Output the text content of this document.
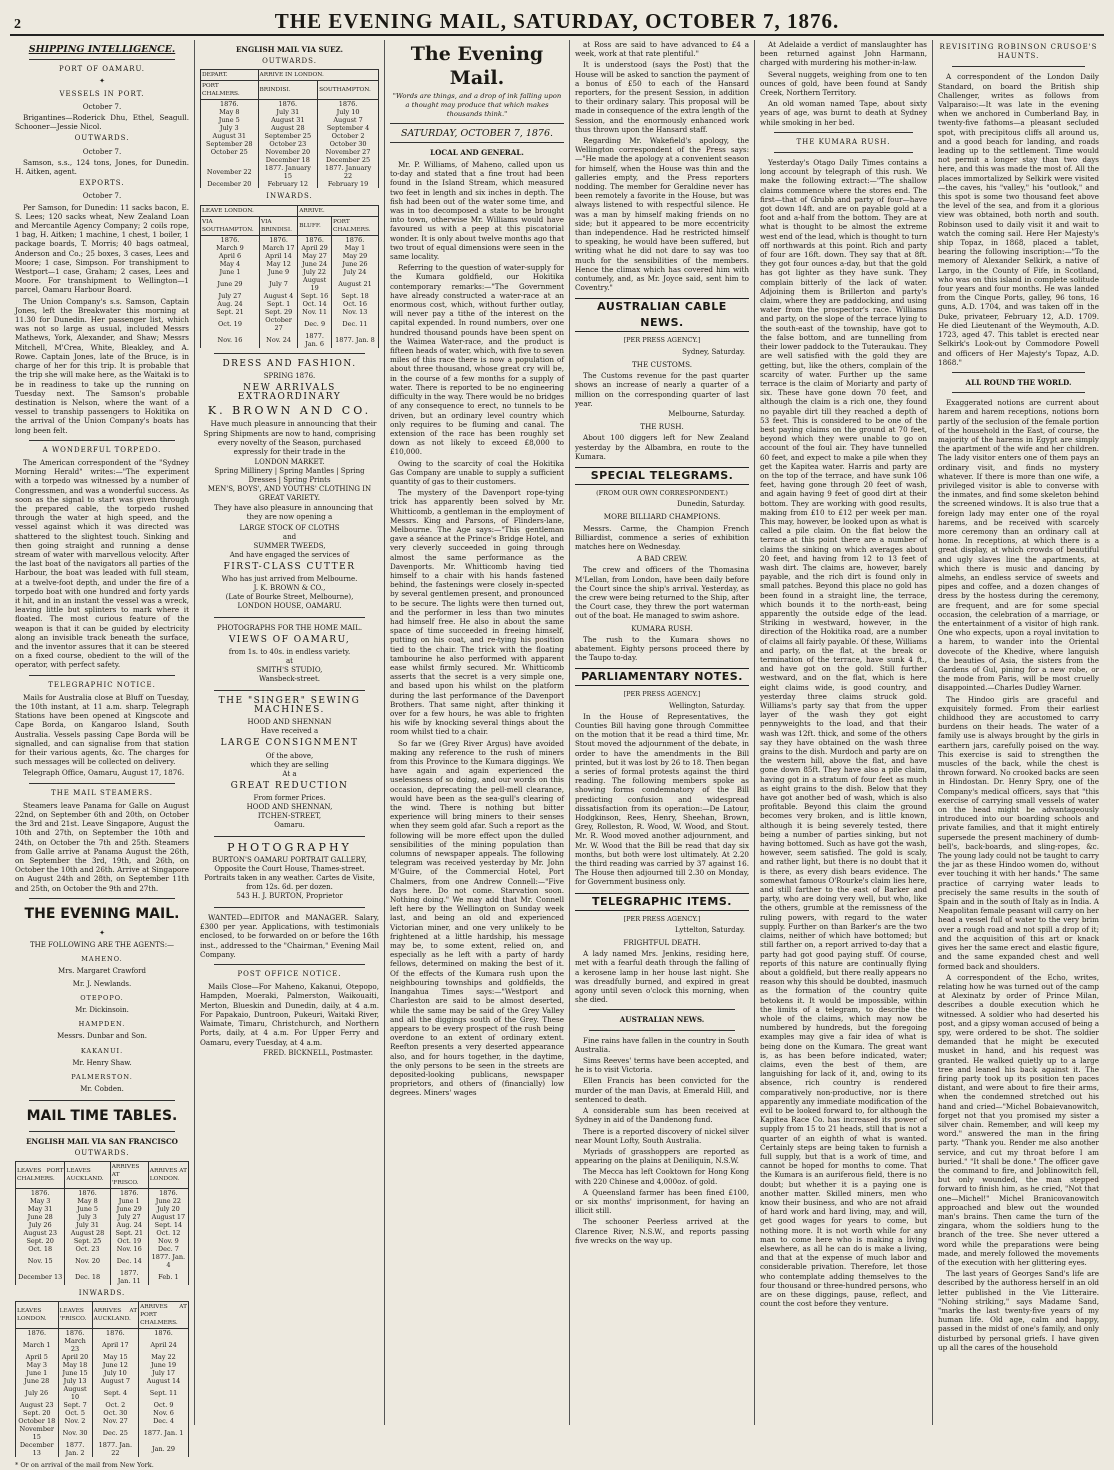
2	THE EVENING MAIL, SATURDAY, OCTOBER 7, 1876.
SHIPPING INTELLIGENCE.
PORT OF OAMARU.
✦
VESSELS IN PORT.
October 7.
Brigantines—Roderick Dhu, Ethel, Seagull. Schooner—Jessie Nicol.
OUTWARDS.
October 7.
Samson, s.s., 124 tons, Jones, for Dunedin. H. Aitken, agent.
EXPORTS.
October 7.
Per Samson, for Dunedin: 11 sacks bacon, E. S. Lees; 120 sacks wheat, New Zealand Loan and Mercantile Agency Company; 2 coils rope, 1 bag, H. Aitken; 1 machine, 1 chest, 1 boiler, 1 package boards, T. Morris; 40 bags oatmeal, Anderson and Co.; 25 boxes, 3 cases, Lees and Moore; 1 case, Simpson. For transhipment to Westport—1 case, Graham; 2 cases, Lees and Moore. For transhipment to Wellington—1 parcel, Oamaru Harbour Board.
The Union Company's s.s. Samson, Captain Jones, left the Breakwater this morning at 11.30 for Dunedin. Her passenger list, which was not so large as usual, included Messrs Mathews, York, Alexander, and Shaw; Messrs Mitchell, M'Crea, White, Bleakley, and A. Rowe. Captain Jones, late of the Bruce, is in charge of her for this trip. It is probable that the trip she will make here, as the Waitaki is to be in readiness to take up the running on Tuesday next. The Samson's probable destination is Nelson, where the want of a vessel to tranship passengers to Hokitika on the arrival of the Union Company's boats has long been felt.
A WONDERFUL TORPEDO.
The American correspondent of the "Sydney Morning Herald" writes:—"The experiment with a torpedo was witnessed by a number of Congressmen, and was a wonderful success. As soon as the signal to start was given through the prepared cable, the torpedo rushed through the water at high speed, and the vessel against which it was directed was shattered to the slightest touch. Sinking and then going straight and running a dense stream of water with marvellous velocity. After the last boat of the navigators all parties of the Harbour, the boat was leaded with full steam, at a twelve-foot depth, and under the fire of a torpedo boat with one hundred and forty yards it hit, and in an instant the vessel was a wreck, leaving little but splinters to mark where it floated. The most curious feature of the weapon is that it can be guided by electricity along an invisible track beneath the surface, and the inventor assures that it can be steered on a fixed course, obedient to the will of the operator, with perfect safety.
TELEGRAPHIC NOTICE.
Mails for Australia close at Bluff on Tuesday, the 10th instant, at 11 a.m. sharp. Telegraph Stations have been opened at Kingscote and Cape Borda, on Kangaroo Island, South Australia. Vessels passing Cape Borda will be signalled, and can signalise from that station for their various agents, &c. The charges for such messages will be collected on delivery.
Telegraph Office, Oamaru, August 17, 1876.
THE MAIL STEAMERS.
Steamers leave Panama for Galle on August 22nd, on September 6th and 20th, on October the 3rd and 21st. Leave Singapore, August the 10th and 27th, on September the 10th and 24th, on October the 7th and 25th. Steamers from Galle arrive at Panama August the 26th, on September the 3rd, 19th, and 26th, on October the 10th and 26th. Arrive at Singapore on August 24th and 28th, on September 11th and 25th, on October the 9th and 27th.
THE EVENING MAIL.
✦
THE FOLLOWING ARE THE AGENTS:—
MAHENO.
Mrs. Margaret Crawford
Mr. J. Newlands.
OTEPOPO.
Mr. Dickinsoin.
HAMPDEN.
Messrs. Dunbar and Son.
KAKANUI.
Mr. Henry Shaw.
PALMERSTON.
Mr. Cobden.
MAIL TIME TABLES.
ENGLISH MAIL VIA SAN FRANCISCO
OUTWARDS.
LEAVES PORT CHALMERS.	LEAVES AUCKLAND.	ARRIVES AT 'FRISCO.	ARRIVES AT LONDON.
1876.	1876.	1876.	1876.
May 3	May 8	June 1	June 22
May 31	June 5	June 29	July 20
June 28	July 3	July 27	August 17
July 26	July 31	Aug. 24	Sept. 14
August 23	August 28	Sept. 21	Oct. 12
Sept. 20	Sept. 25	Oct. 19	Nov. 9
Oct. 18	Oct. 23	Nov. 16	Dec. 7
Nov. 15	Nov. 20	Dec. 14	1877. Jan. 4
December 13	Dec. 18	1877. Jan. 11	Feb. 1
INWARDS.
LEAVES LONDON.	LEAVES 'FRISCO.	ARRIVES AT AUCKLAND.	ARRIVES AT PORT CHALMERS.
1876.	1876.	1876.	1876.
March 1	March 23	April 17	April 24
April 5	April 20	May 15	May 22
May 3	May 18	June 12	June 19
June 1	June 15	July 10	July 17
June 28	July 13	August 7	August 14
July 26	August 10	Sept. 4	Sept. 11
August 23	Sept. 7	Oct. 2	Oct. 9
Sept. 20	Oct. 5	Oct. 30	Nov. 6
October 18	Nov. 2	Nov. 27	Dec. 4
November 15	Nov. 30	Dec. 25	1877. Jan. 1
December 13	1877. Jan. 2	1877. Jan. 22	Jan. 29
* Or on arrival of the mail from New York.
ENGLISH MAIL VIA SUEZ.
OUTWARDS.
DEPART.	ARRIVE IN LONDON.	
PORT CHALMERS.	BRINDISI.	SOUTHAMPTON.
1876.	1876.	1876.
May 8	July 31	July 10
June 5	August 31	August 7
July 3	August 28	September 4
August 31	September 25	October 2
September 28	October 23	October 30
October 25	November 20	November 27
	December 18	December 25
November 22	1877. January 15	1877. January 22
December 20	February 12	February 19
INWARDS.
LEAVE LONDON.		ARRIVE.	
VIA SOUTHAMPTON.	VIA BRINDISI.	BLUFF.	PORT CHALMERS.
1876.	1876.	1876.	1876.
March 9	March 17	April 29	May 1
April 6	April 14	May 27	May 29
May 4	May 12	June 24	June 26
June 1	June 9	July 22	July 24
June 29	July 7	August 19	August 21
July 27	August 4	Sept. 16	Sept. 18
Aug. 24	Sept. 1	Oct. 14	Oct. 16
Sept. 21	Sept. 29	Nov. 11	Nov. 13
Oct. 19	October 27	Dec. 9	Dec. 11
Nov. 16	Nov. 24	1877. Jan. 6	1877. Jan. 8
DRESS AND FASHION.
SPRING 1876.
NEW ARRIVALS EXTRAORDINARY
K. BROWN AND CO.
Have much pleasure in announcing that their Spring Shipments are now to hand, comprising every novelty of the Season, purchased expressly for their trade in the
LONDON MARKET.
Spring Millinery | Spring Mantles | Spring Dresses | Spring Prints
MEN'S, BOYS', AND YOUTHS' CLOTHING IN GREAT VARIETY.
They have also pleasure in announcing that they are now opening a
LARGE STOCK OF CLOTHS
and
SUMMER TWEEDS,
And have engaged the services of
FIRST-CLASS CUTTER
Who has just arrived from Melbourne.
J. K. BROWN & CO.,
(Late of Bourke Street, Melbourne),
LONDON HOUSE, OAMARU.
PHOTOGRAPHS FOR THE HOME MAIL.
VIEWS OF OAMARU,
from 1s. to 40s. in endless variety.
at
SMITH'S STUDIO,
Wansbeck-street.
THE "SINGER" SEWING MACHINES.
HOOD AND SHENNAN
Have received a
LARGE CONSIGNMENT
Of the above,
which they are selling
At a
GREAT REDUCTION
From former Prices.
HOOD AND SHENNAN,
ITCHEN-STREET,
Oamaru.
PHOTOGRAPHY
BURTON'S OAMARU PORTRAIT GALLERY,
Opposite the Court House, Thames-street. Portraits taken in any weather. Cartes de Visite, from 12s. 6d. per dozen.
543 H. J. BURTON, Proprietor
WANTED—EDITOR and MANAGER. Salary, £300 per year. Applications, with testimonials enclosed, to be forwarded on or before the 16th inst., addressed to the "Chairman," Evening Mail Company.
POST OFFICE NOTICE.
Mails Close—For Maheno, Kakanui, Otepopo, Hampden, Moeraki, Palmerston, Waikouaiti, Merton, Blueskin and Dunedin, daily, at 4 a.m. For Papakaio, Duntroon, Pukeuri, Waitaki River, Waimate, Timaru, Christchurch, and Northern Ports, daily, at 4 a.m. For Upper Ferry and Oamaru, every Tuesday, at 4 a.m.
FRED. BICKNELL, Postmaster.
The Evening Mail.
"Words are things, and a drop of ink falling upon a thought may produce that which makes thousands think."
SATURDAY, OCTOBER 7, 1876.
LOCAL AND GENERAL.
Mr. P. Williams, of Maheno, called upon us to-day and stated that a fine trout had been found in the Island Stream, which measured two feet in length and six inches in depth. The fish had been out of the water some time, and was in too decomposed a state to be brought into town, otherwise Mr. Williams would have favoured us with a peep at this piscatorial wonder. It is only about twelve months ago that two trout of equal dimensions were seen in the same locality.
Referring to the question of water-supply for the Kumara goldfield, our Hokitika contemporary remarks:—"The Government have already constructed a water-race at an enormous cost, which, without further outlay, will never pay a tithe of the interest on the capital expended. In round numbers, over one hundred thousand pounds have been spent on the Waimea Water-race, and the product is fifteen heads of water, which, with five to seven miles of this race there is now a population of about three thousand, whose great cry will be, in the course of a few months for a supply of water. There is reported to be no engineering difficulty in the way. There would be no bridges of any consequence to erect, no tunnels to be driven, but an ordinary level country which only requires to be fluming and canal. The extension of the race has been roughly set down as not likely to exceed £8,000 to £10,000.
Owing to the scarcity of coal the Hokitika Gas Company are unable to supply a sufficient quantity of gas to their customers.
The mystery of the Davenport rope-tying trick has apparently been solved by Mr. Whitticomb, a gentleman in the employment of Messrs. King and Parsons, of Flinders-lane, Melbourne. The Age says:—"This gentleman gave a séance at the Prince's Bridge Hotel, and very cleverly succeeded in going through almost the same performance as the Davenports. Mr. Whitticomb having tied himself to a chair with his hands fastened behind, the fastenings were closely in-spected by several gentlemen present, and pronounced to be secure. The lights were then turned out, and the performer in less than two minutes had himself free. He also in about the same space of time succeeded in freeing himself, putting on his coat, and re-tying his position tied to the chair. The trick with the floating tambourine he also performed with apparent ease whilst firmly secured. Mr. Whitticomb asserts that the secret is a very simple one, and based upon his whilst on the platform during the last performance of the Davenport Brothers. That same night, after thinking it over for a few hours, he was able to frighten his wife by knocking several things about the room whilst tied to a chair.
So far we (Grey River Argus) have avoided making any reference to the rush of miners from this Province to the Kumara diggings. We have again and again experienced the uselessness of so doing, and our words on this occasion, deprecating the pell-mell clearance, would have been as the sea-gull's clearing of the wind. There is nothing but bitter experience will bring miners to their senses when they seem gold afar. Such a report as the following will be more effect upon the dulled sensibilities of the mining population than columns of newspaper appeals. The following telegram was received yesterday by Mr. John M'Guire, of the Commercial Hotel, Port Chalmers, from one Andrew Connell:—"Five days here. Do not come. Starvation soon. Nothing doing." We may add that Mr. Connell left here by the Wellington on Sunday week last, and being an old and experienced Victorian miner, and one very unlikely to be frightened at a little hardship, his message may be, to some extent, relied on, and especially as he left with a party of hardy fellows, determined on making the best of it. Of the effects of the Kumara rush upon the neighbouring townships and goldfields, the Inangahua Times says:—"Westport and Charleston are said to be almost deserted, while the same may be said of the Grey Valley and all the diggings south of the Grey. These appears to be every prospect of the rush being overdone to an extent of ordinary extent. Reefton presents a very deserted appearance also, and for hours together, in the daytime, the only persons to be seen in the streets are deposited-looking publicans, newspaper proprietors, and others of (financially) low degrees. Miners' wages
at Ross are said to have advanced to £4 a week, work at that rate plentiful."
It is understood (says the Post) that the House will be asked to sanction the payment of a bonus of £50 to each of the Hansard reporters, for the present Session, in addition to their ordinary salary. This proposal will be made in consequence of the extra length of the Session, and the enormously enhanced work thus thrown upon the Hansard staff.
Regarding Mr. Wakefield's apology, the Wellington correspondent of the Press says:—"He made the apology at a convenient season for himself, when the House was thin and the galleries empty, and the Press reporters nodding. The member for Geraldine never has been remotely a favorite in the House, but was always listened to with respectful silence. He was a man by himself making friends on no side; but it appeared to be more eccentricity than independence. Had he restricted himself to speaking, he would have been suffered, but writing what he did not dare to say was too much for the sensibilities of the members. Hence the climax which has covered him with contumely, and, as Mr. Joyce said, sent him to Coventry."
AUSTRALIAN CABLE NEWS.
[PER PRESS AGENCY.]
Sydney, Saturday.
THE CUSTOMS.
The Customs revenue for the past quarter shows an increase of nearly a quarter of a million on the corresponding quarter of last year.
Melbourne, Saturday.
THE RUSH.
About 100 diggers left for New Zealand yesterday by the Albambra, en route to the Kumara.
SPECIAL TELEGRAMS.
(FROM OUR OWN CORRESPONDENT.)
Dunedin, Saturday.
MORE BILLIARD CHAMPIONS.
Messrs. Carme, the Champion French Billiardist, commence a series of exhibition matches here on Wednesday.
A BAD CREW.
The crew and officers of the Thomasina M'Lellan, from London, have been daily before the Court since the ship's arrival. Yesterday, as the crew were being returned to the Ship, after the Court case, they threw the port waterman out of the boat. He managed to swim ashore.
KUMARA RUSH.
The rush to the Kumara shows no abatement. Eighty persons proceed there by the Taupo to-day.
PARLIAMENTARY NOTES.
[PER PRESS AGENCY.]
Wellington, Saturday.
In the House of Representatives, the Counties Bill having gone through Committee on the motion that it be read a third time, Mr. Stout moved the adjournment of the debate, in order to have the amendments in the Bill printed, but it was lost by 26 to 18. Then began a series of formal protests against the third reading. The following members spoke as showing forms condemnatory of the Bill predicting confusion and widespread dissatisfaction from its operation:—De Latour, Hodgkinson, Rees, Henry, Sheehan, Brown, Grey, Rolleston, R. Wood, W. Wood, and Stout. Mr. R. Wood moved another adjournment, and Mr. W. Wood that the Bill be read that day six months, but both were lost ultimately. At 2.20 the third reading was carried by 37 against 16. The House then adjourned till 2.30 on Monday, for Government business only.
TELEGRAPHIC ITEMS.
[PER PRESS AGENCY.]
Lyttelton, Saturday.
FRIGHTFUL DEATH.
A lady named Mrs. Jenkins, residing here, met with a fearful death through the falling of a kerosene lamp in her house last night. She was dreadfully burned, and expired in great agony until seven o'clock this morning, when she died.
AUSTRALIAN NEWS.
Fine rains have fallen in the country in South Australia.
Sims Reeves' terms have been accepted, and he is to visit Victoria.
Ellen Francis has been convicted for the murder of the man Davis, at Emerald Hill, and sentenced to death.
A considerable sum has been received at Sydney in aid of the Dandenong fund.
There is a reported discovery of nickel silver near Mount Lofty, South Australia.
Myriads of grasshoppers are reported as appearing on the plains at Deniliquin, N.S.W.
The Mecca has left Cooktown for Hong Kong with 220 Chinese and 4,000oz. of gold.
A Queensland farmer has been fined £100, or six months' imprisonment, for having an illicit still.
The schooner Peerless arrived at the Clarence River, N.S.W., and reports passing five wrecks on the way up.
At Adelaide a verdict of manslaughter has been returned against John Harmann, charged with murdering his mother-in-law.
Several nuggets, weighing from one to ten ounces of gold, have been found at Sandy Creek, Northern Territory.
An old woman named Tape, about sixty years of age, was burnt to death at Sydney while smoking in her bed.
THE KUMARA RUSH.
Yesterday's Otago Daily Times contains a long account by telegraph of this rush. We make the following extract:—"The shallow claims commence where the stores end. The first—that of Grubb and party of four—have got down 14ft. and are on payable gold at a foot and a-half from the bottom. They are at what is thought to be almost the extreme west end of the lead, which is thought to turn off northwards at this point. Rich and party of four are 16ft. down. They say that at 8ft. they got four ounces a-day, but that the gold has got lighter as they have sunk. They complain bitterly of the lack of water. Adjoining them is Brillerton and party's claim, where they are paddocking, and using water from the prospector's race. Williams and party, on the slope of the terrace lying to the south-east of the township, have got to the false bottom, and are tunnelling from their lower paddock to the Tuteraukau. They are well satisfied with the gold they are getting, but, like the others, complain of the scarcity of water. Further up the same terrace is the claim of Moriarty and party of six. These have gone down 70 feet, and although the claim is a rich one, they found no payable dirt till they reached a depth of 53 feet. This is considered to be one of the best paying claims on the ground at 70 feet, beyond which they were unable to go on account of the foul air. They have tunnelled 60 feet, and expect to make a pile when they get the Kapitea water. Harris and party are on the top of the terrace, and have sunk 106 feet, having gone through 20 feet of wash, and again having 9 feet of good dirt at their bottom. They are working with good results, making from £10 to £12 per week per man. This may, however, be looked upon as what is called a pile claim. On the flat below the terrace at this point there are a number of claims the sinking on which averages about 20 feet, and having from 12 to 13 feet of wash dirt. The claims are, however, barely payable, and the rich dirt is found only in small patches. Beyond this place no gold has been found in a straight line, the terrace, which bounds it to the north-east, being apparently the outside edge of the lead. Striking in westward, however, in the direction of the Hokitika road, are a number of claims all fairly payable. Of these, Williams and party, on the flat, at the break or termination of the terrace, have sunk 4 ft., and have got on the gold. Still further westward, and on the flat, which is here eight claims wide, is good country, and yesterday three claims struck gold. Williams's party say that from the upper layer of the wash they got eight pennyweights to the load, and that their wash was 12ft. thick, and some of the others say they have obtained on the wash three grains to the dish. Murdoch and party are on the western hill, above the flat, and have gone down 85ft. They have also a pile claim, having got in a stratum of four feet as much as eight grains to the dish. Below that they have got another bed of wash, which is also profitable. Beyond this claim the ground becomes very broken, and is little known, although it is being severely tested, there being a number of parties sinking, but not having bottomed. Such as have got the wash, however, seem satisfied. The gold is scaly, and rather light, but there is no doubt that it is there, as every dish bears evidence. The somewhat famous O'Rourke's claim lies here, and still farther to the east of Barker and party, who are doing very well, but who, like the others, grumble at the remissness of the ruling powers, with regard to the water supply. Further on than Barker's are the two claims, neither of which have bottomed; but still farther on, a report arrived to-day that a party had got good paying stuff. Of course, reports of this nature are continually flying about a goldfield, but there really appears no reason why this should be doubted, inasmuch as the formation of the country quite betokens it. It would be impossible, within the limits of a telegram, to describe the whole of the claims, which may now be numbered by hundreds, but the foregoing examples may give a fair idea of what is being done on the Kumara. The great want is, as has been before indicated, water; claims, even the best of them, are languishing for lack of it, and, owing to its absence, rich country is rendered comparatively non-productive, nor is there apparently any immediate modification of the evil to be looked forward to, for although the Kapitea Race Co. has increased its power of supply from 15 to 21 heads, still that is not a quarter of an eighth of what is wanted. Certainly steps are being taken to furnish a full supply, but that is a work of time, and cannot be hoped for months to come. That the Kumara is an auriferous field, there is no doubt; but whether it is a paying one is another matter. Skilled miners, men who know their business, and who are not afraid of hard work and hard living, may, and will, get good wages for years to come, but nothing more. It is not worth while for any man to come here who is making a living elsewhere, as all he can do is make a living, and that at the expense of much labor and considerable privation. Therefore, let those who contemplate adding themselves to the four thousand or three-hundred persons, who are on these diggings, pause, reflect, and count the cost before they venture.
REVISITING ROBINSON CRUSOE'S HAUNTS.
A correspondent of the London Daily Standard, on board the British ship Challenger, writes as follows from Valparaiso:—It was late in the evening when we anchored in Cumberland Bay, in twenty-five fathoms—a pleasant secluded spot, with precipitous cliffs all around us, and a good beach for landing, and roads leading up to the settlement. Time would not permit a longer stay than two days here, and this was made the most of. All the places immortalized by Selkirk were visited—the caves, his "valley," his "outlook," and this spot is some two thousand feet above the level of the sea, and from it a glorious view was obtained, both north and south. Robinson used to daily visit it and wait to watch the coming sail. Here Her Majesty's ship Topaz, in 1868, placed a tablet, bearing the following inscription:—"To the memory of Alexander Selkirk, a native of Largo, in the County of Fife, in Scotland, who was on this island in complete solitude four years and four months. He was landed from the Cinque Ports, galley, 96 tons, 16 guns, A.D. 1704, and was taken off in the Duke, privateer, February 12, A.D. 1709. He died Lieutenant of the Weymouth, A.D. 1723, aged 47. This tablet is erected near Selkirk's Look-out by Commodore Powell and officers of Her Majesty's Topaz, A.D. 1868."
ALL ROUND THE WORLD.
Exaggerated notions are current about harem and harem receptions, notions born partly of the seclusion of the female portion of the household in the East, of course, the majority of the harems in Egypt are simply the apartment of the wife and her children. The lady visitor enters one of them pays an ordinary visit, and finds no mystery whatever. If there is more than one wife, a privileged visitor is able to converse with the inmates, and find some skeleton behind the screened windows. It is also true that a foreign lady may enter one of the royal harems, and be received with scarcely more ceremony than an ordinary call at home. In receptions, at which there is a great display, at which crowds of beautiful and ugly slaves line the apartments, at which there is music and dancing by almehs, an endless service of sweets and pipes and coffee, and a dozen changes of dress by the hostess during the ceremony, are frequent, and are for some special occasion, the celebration of a marriage, or the entertainment of a visitor of high rank. One who expects, upon a royal invitation to a harem, to wander into the Oriental dovecote of the Khedive, where languish the beauties of Asia, the sisters from the Gardens of Gul, pining for a new robe, or the mode from Paris, will be most cruelly disappointed.—Charles Dudley Warner.
The Hindoo girls are graceful and exquisitely formed. From their earliest childhood they are accustomed to carry burdens on their heads. The water of a family use is always brought by the girls in earthern jars, carefully poised on the way. This exercise is said to strengthen the muscles of the back, while the chest is thrown forward. No crooked backs are seen in Hindostan. Dr. Henry Spry, one of the Company's medical officers, says that "this exercise of carrying small vessels of water on the head might be advantageously introduced into our boarding schools and private families, and that it might entirely supersede the present machinery of dumb-bell's, back-boards, and sling-ropes, &c. The young lady could not be taught to carry the jar as these Hindoo women do, without ever touching it with her hands." The same practice of carrying water leads to precisely the same results in the south of Spain and in the south of Italy as in India. A Neapolitan female peasant will carry on her head a vessel full of water to the very brim over a rough road and not spill a drop of it; and the acquisition of this art or knack gives her the same erect and elastic figure, and the same expanded chest and well formed back and shoulders.
A correspondent of the Echo, writes, relating how he was turned out of the camp at Alexinatz by order of Prince Milan, describes a double execution which he witnessed. A soldier who had deserted his post, and a gipsy woman accused of being a spy, were ordered to be shot. The soldier demanded that he might be executed musket in hand, and his request was granted. He walked quietly up to a large tree and leaned his back against it. The firing party took up its position ten paces distant, and were about to fire their arms, when the condemned stretched out his hand and cried—"Michel Bobaievanowitch, forget not that you promised my sister a silver chain. Remember, and will keep my word." answered the man in the firing party. "Thank you. Render me also another service, and cut my throat before I am buried." "It shall be done." The officer gave the command to fire, and Joblinowitch fell, but only wounded, the man stepped forward to finish him, as he cried, "Not that one—Michel!" Michel Branicovanowitch approached and blew out the wounded man's brains. Then came the turn of the zingara, whom the soldiers hung to the branch of the tree. She never uttered a word while the preparations were being made, and merely followed the movements of the execution with her glittering eyes.
The last years of Georges Sand's life are described by the authoress herself in an old letter published in the Vie Litteraire. "Nohing striking," says Madame Sand, "marks the last twenty-five years of my human life. Old age, calm and happy, passed in the midst of one's family, and only disturbed by personal griefs. I have given up all the cares of the household
